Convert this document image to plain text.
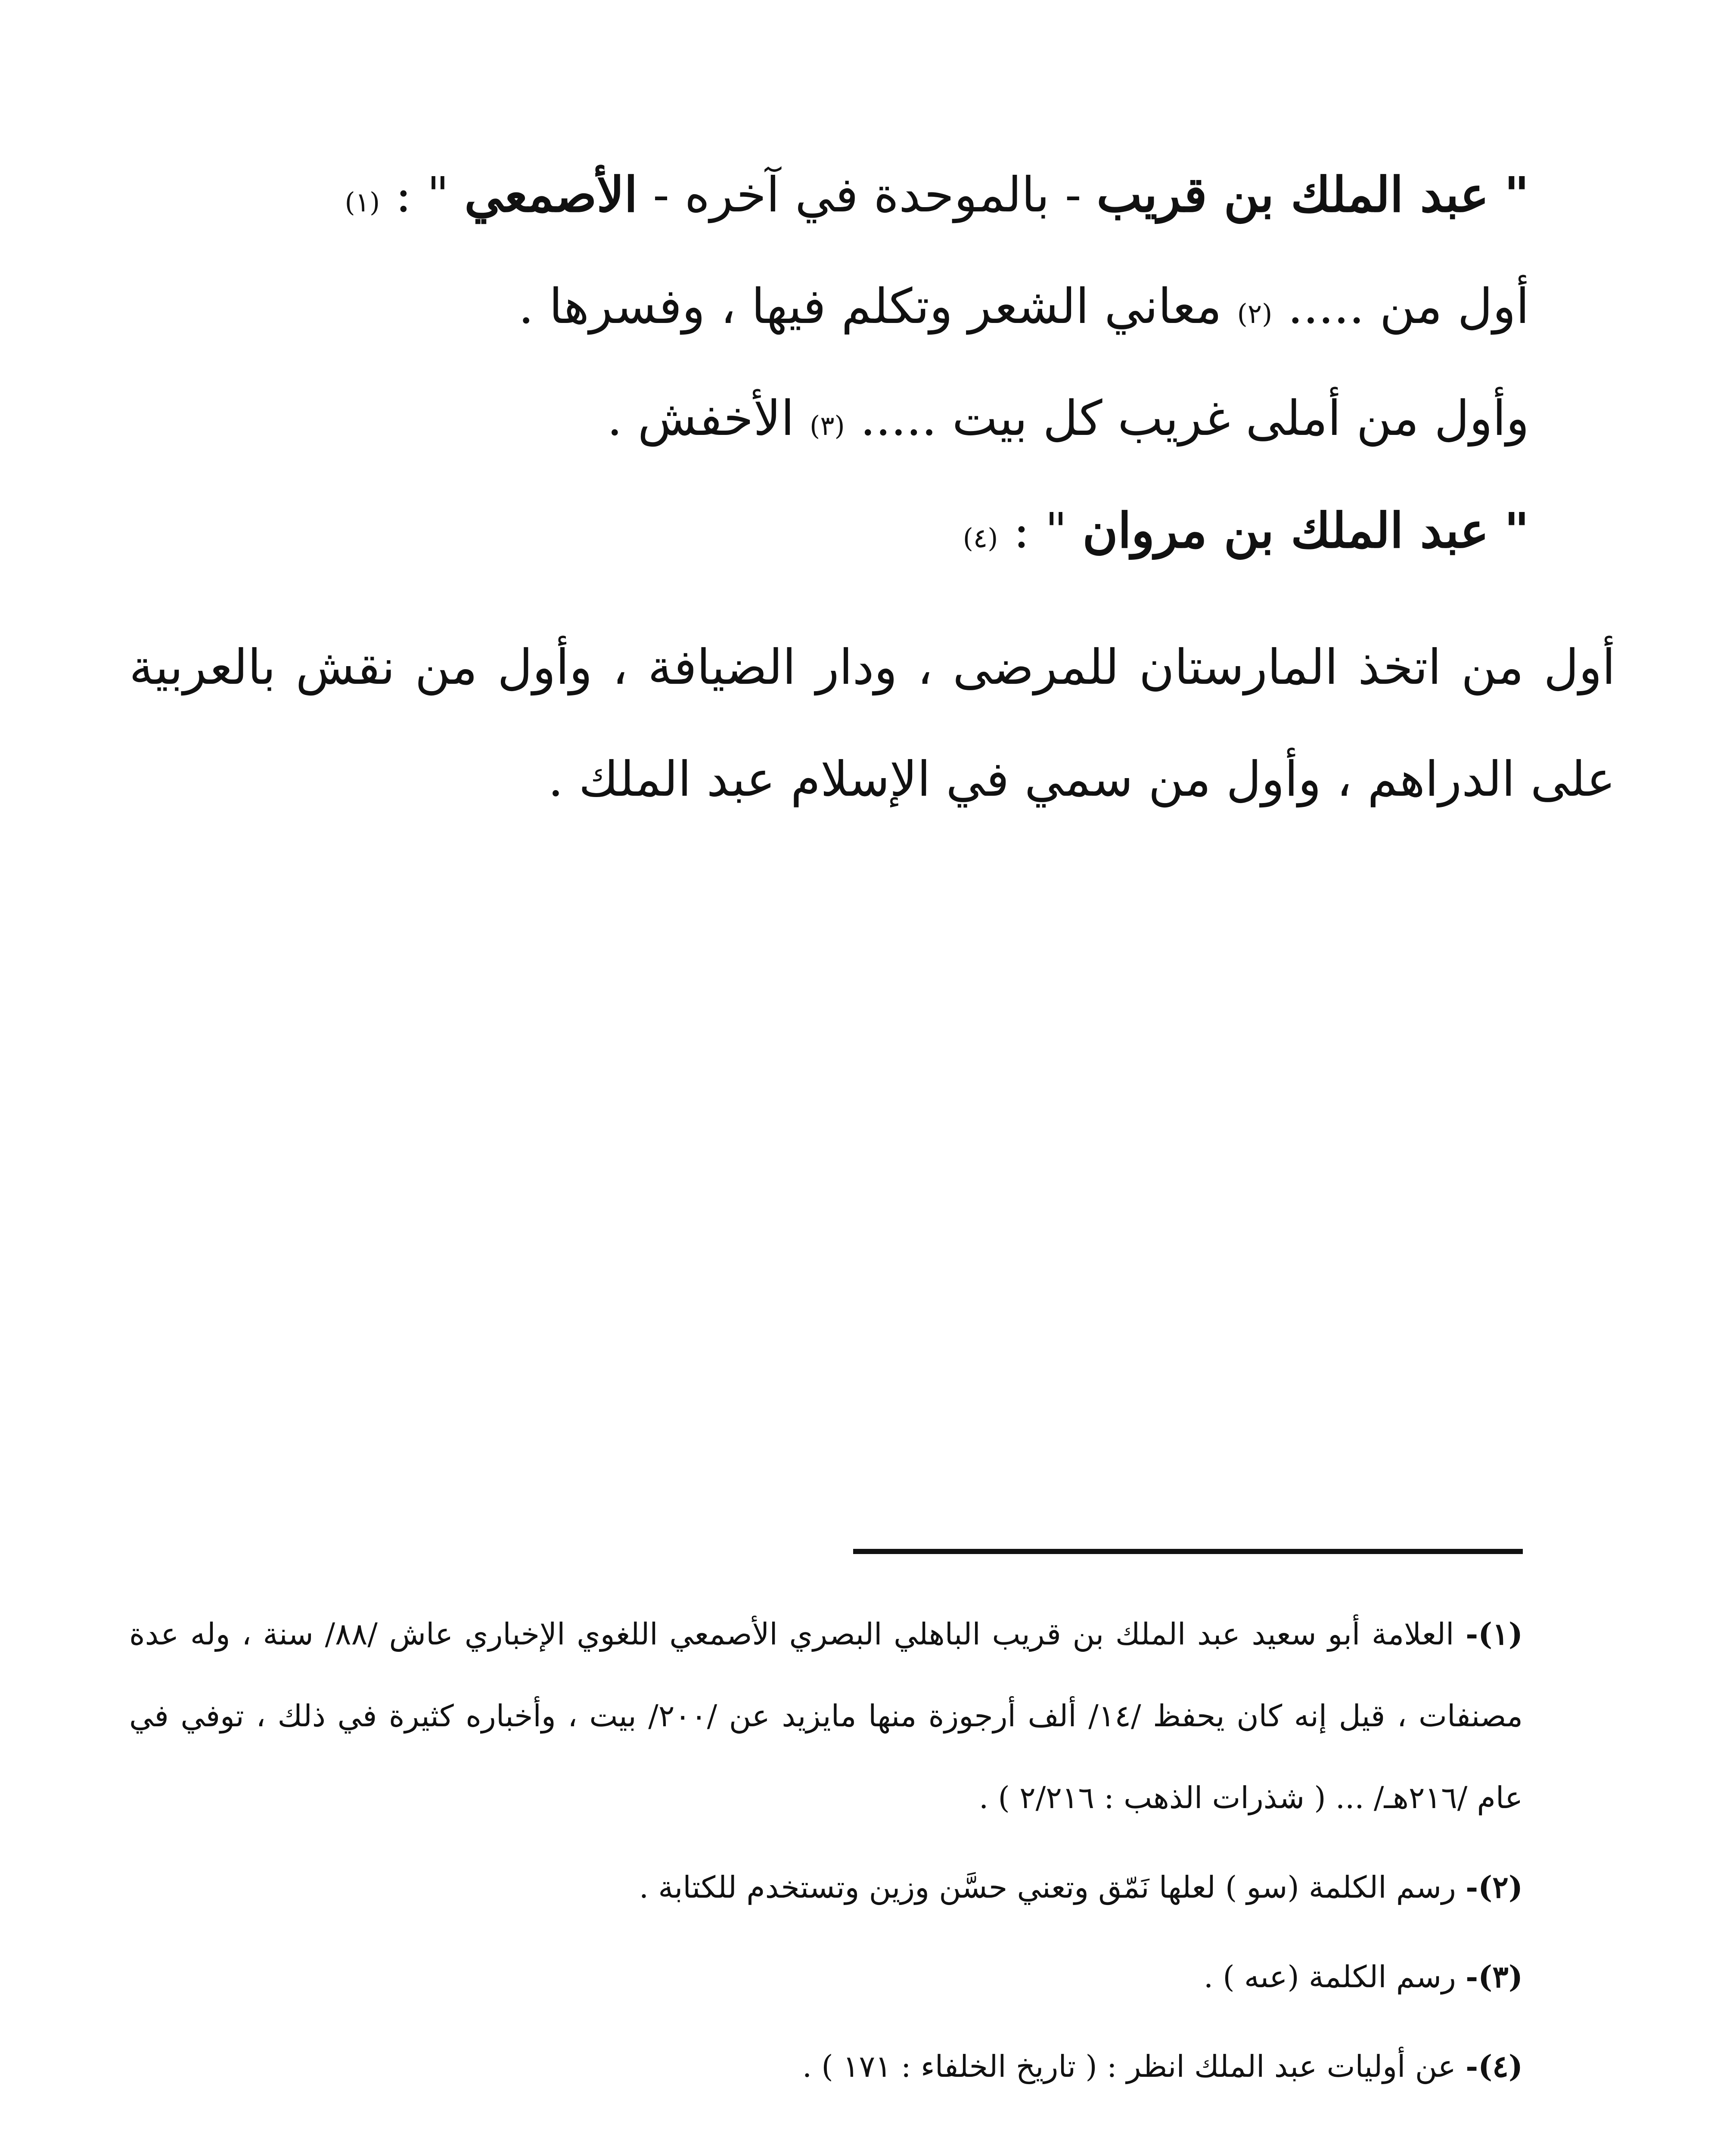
" عبد الملك بن قريب - بالموحدة في آخره - الأصمعي " : (١)
أول من ..... (٢) معاني الشعر وتكلم فيها ، وفسرها .
وأول من أملى غريب كل بيت ..... (٣) الأخفش .
" عبد الملك بن مروان " : (٤)
أول من اتخذ المارستان للمرضى ، ودار الضيافة ، وأول من نقش بالعربية على الدراهم ، وأول من سمي في الإسلام عبد الملك .
(١)- العلامة أبو سعيد عبد الملك بن قريب الباهلي البصري الأصمعي اللغوي الإخباري عاش /٨٨/ سنة ، وله عدة مصنفات ، قيل إنه كان يحفظ /١٤/ ألف أرجوزة منها مايزيد عن /٢٠٠/ بيت ، وأخباره كثيرة في ذلك ، توفي في عام /٢١٦هـ/ ... ( شذرات الذهب : ٢/٢١٦ ) .
(٢)- رسم الكلمة (سو ) لعلها نَمّق وتعني حسَّن وزين وتستخدم للكتابة .
(٣)- رسم الكلمة (عىه ) .
(٤)- عن أوليات عبد الملك انظر : ( تاريخ الخلفاء : ١٧١ ) .
